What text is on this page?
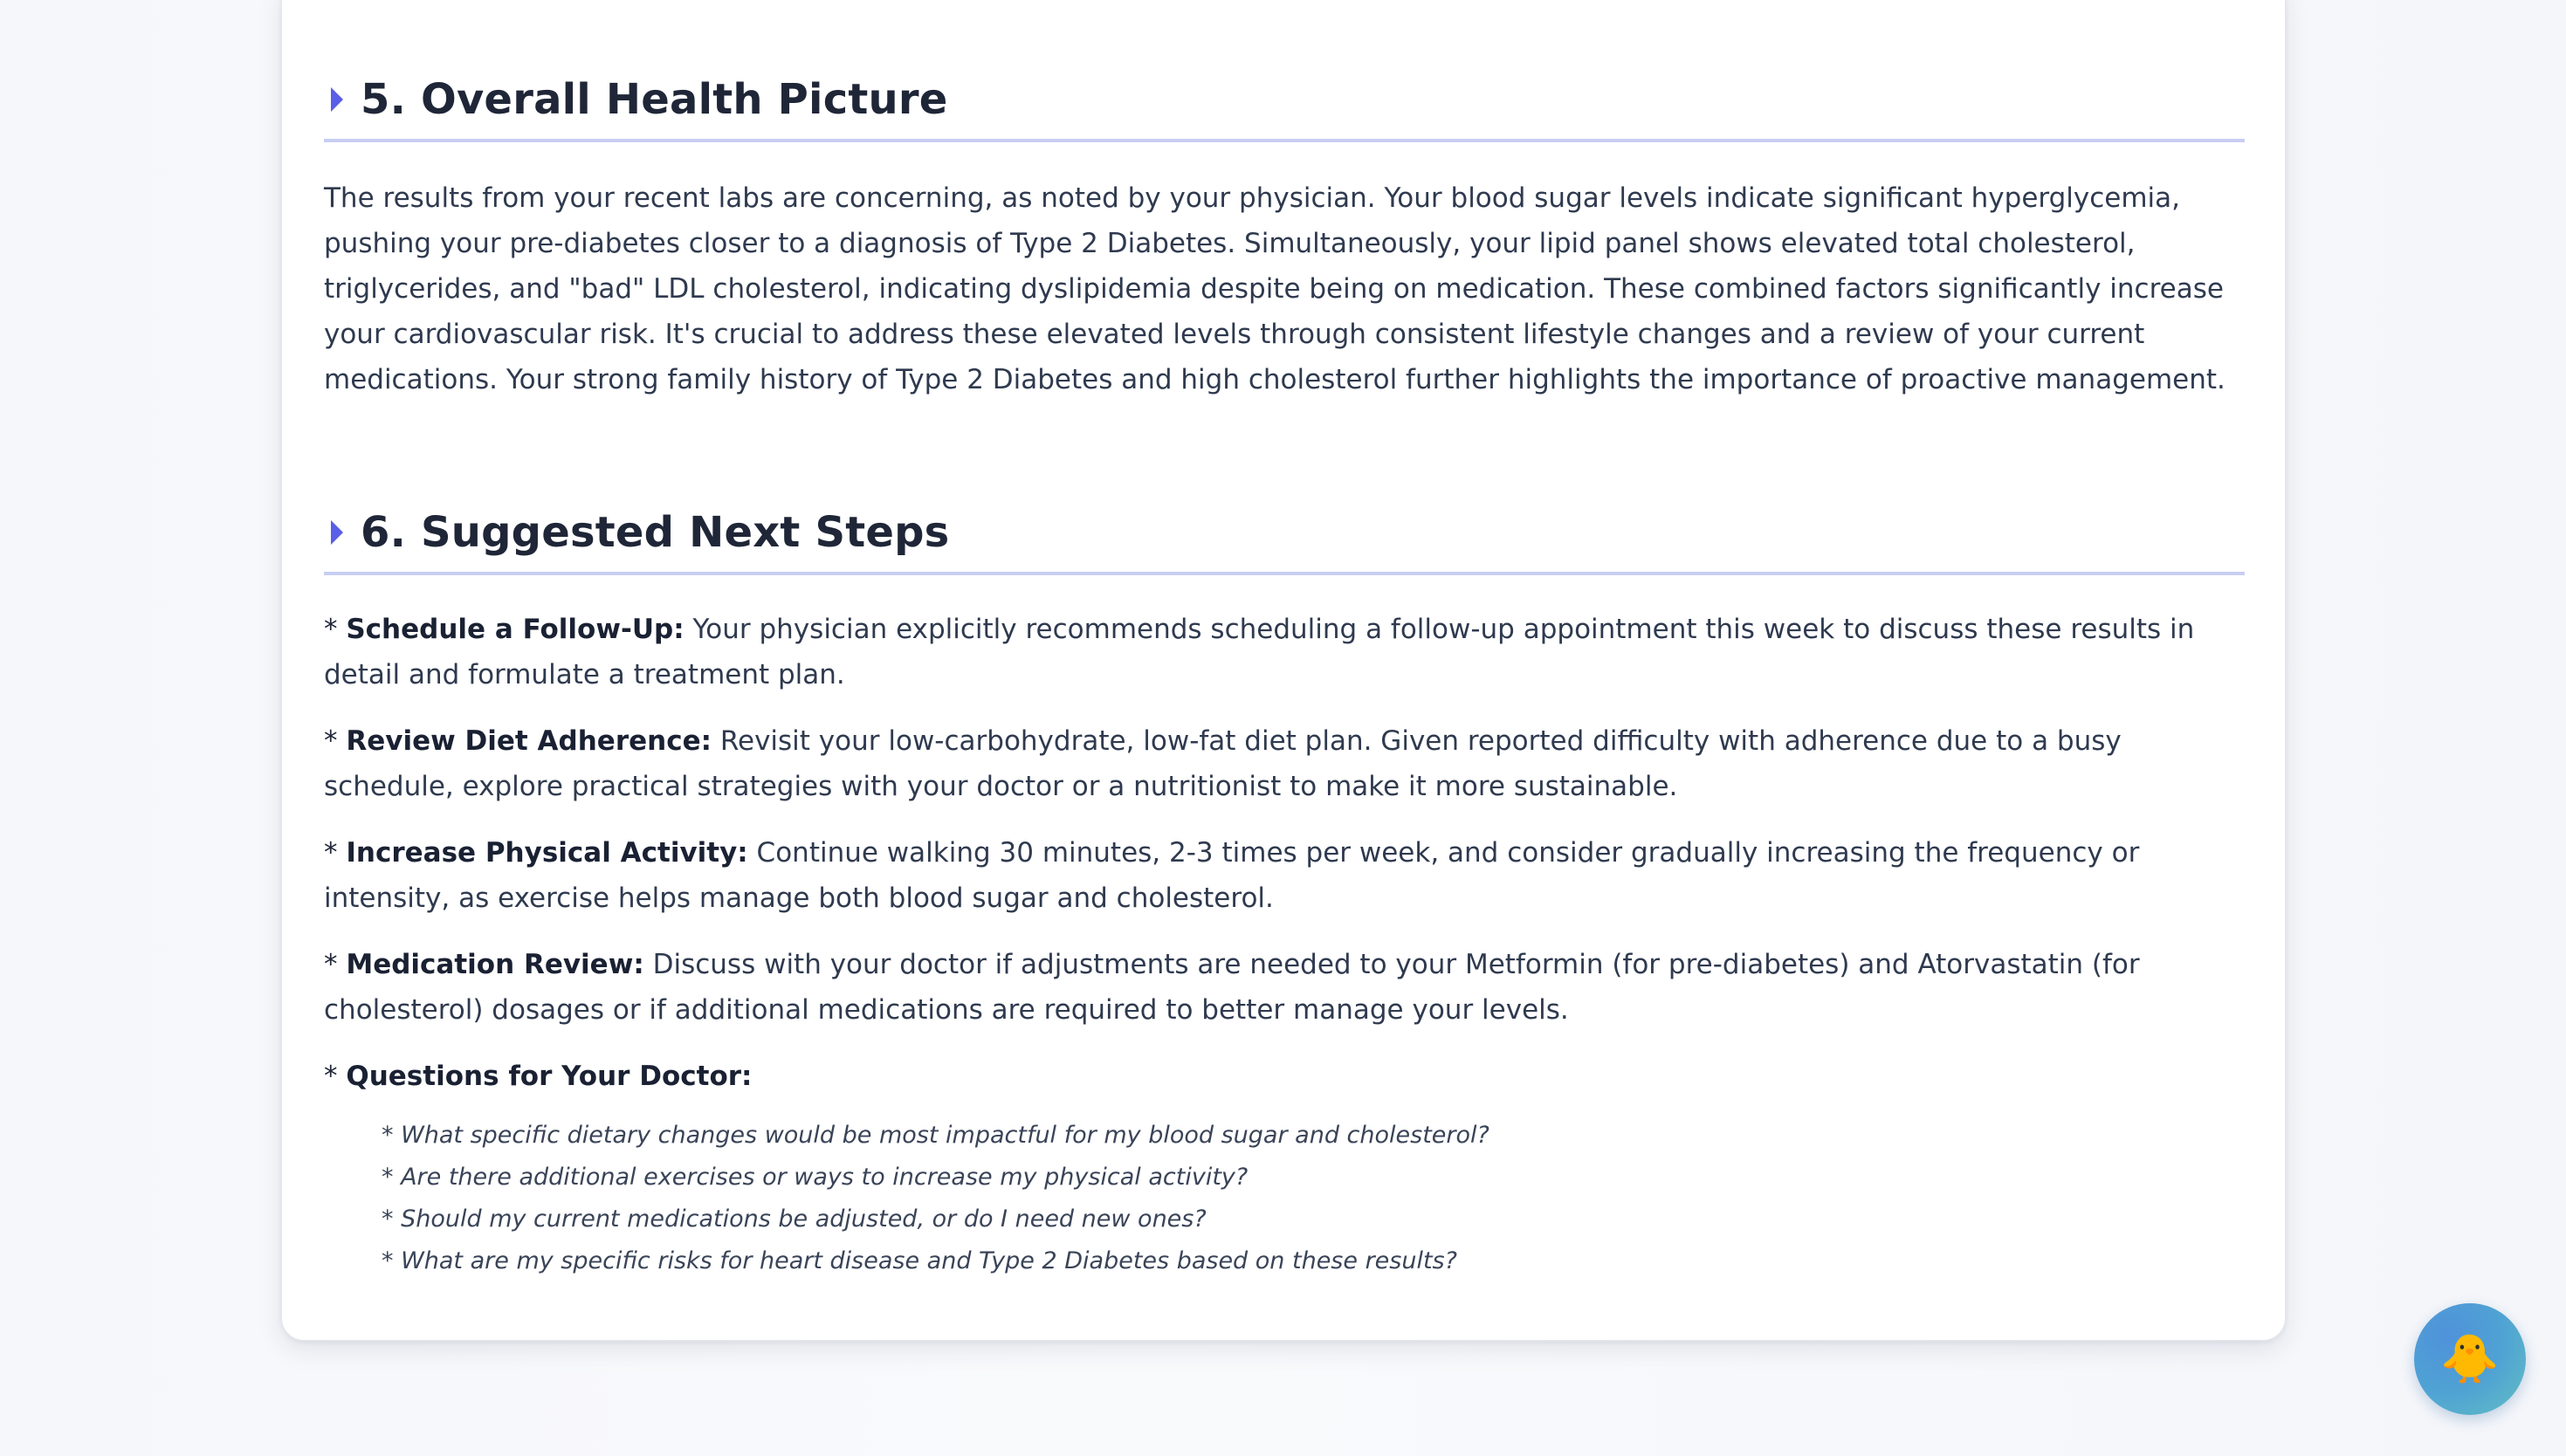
5. Overall Health Picture
The results from your recent labs are concerning, as noted by your physician. Your blood sugar levels indicate significant hyperglycemia, pushing your pre-diabetes closer to a diagnosis of Type 2 Diabetes. Simultaneously, your lipid panel shows elevated total cholesterol, triglycerides, and "bad" LDL cholesterol, indicating dyslipidemia despite being on medication. These combined factors significantly increase your cardiovascular risk. It's crucial to address these elevated levels through consistent lifestyle changes and a review of your current medications. Your strong family history of Type 2 Diabetes and high cholesterol further highlights the importance of proactive management.
6. Suggested Next Steps
* Schedule a Follow-Up: Your physician explicitly recommends scheduling a follow-up appointment this week to discuss these results in detail and formulate a treatment plan.
* Review Diet Adherence: Revisit your low-carbohydrate, low-fat diet plan. Given reported difficulty with adherence due to a busy schedule, explore practical strategies with your doctor or a nutritionist to make it more sustainable.
* Increase Physical Activity: Continue walking 30 minutes, 2-3 times per week, and consider gradually increasing the frequency or intensity, as exercise helps manage both blood sugar and cholesterol.
* Medication Review: Discuss with your doctor if adjustments are needed to your Metformin (for pre-diabetes) and Atorvastatin (for cholesterol) dosages or if additional medications are required to better manage your levels.
* Questions for Your Doctor:
* What specific dietary changes would be most impactful for my blood sugar and cholesterol?
* Are there additional exercises or ways to increase my physical activity?
* Should my current medications be adjusted, or do I need new ones?
* What are my specific risks for heart disease and Type 2 Diabetes based on these results?
🐥
